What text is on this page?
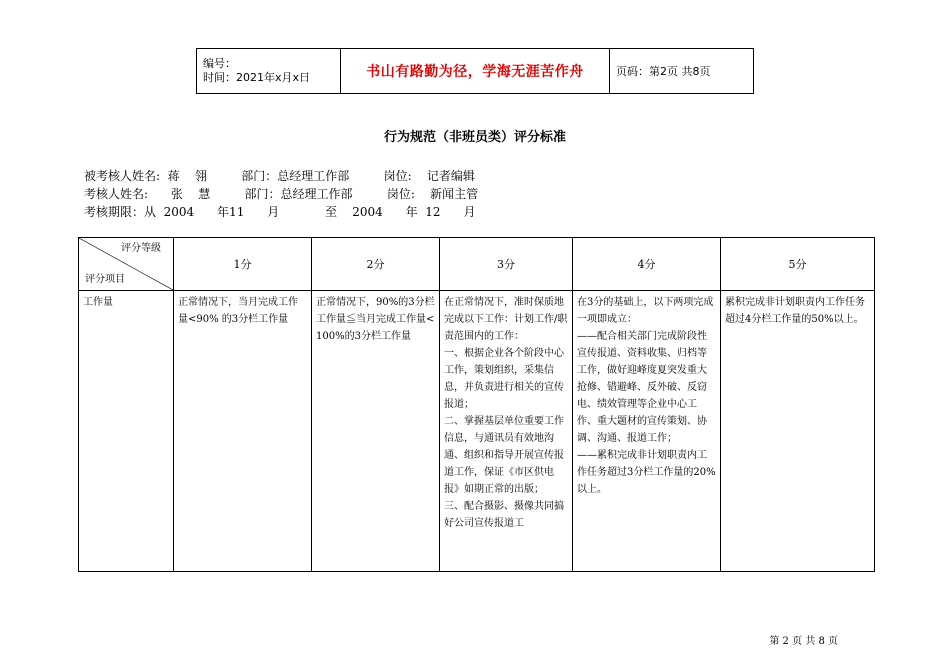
编号：
时间：2021年x月x日	书山有路勤为径，学海无涯苦作舟	页码：第2页 共8页
行为规范（非班员类）评分标准
被考核人姓名:  蒋    翎         部门：总经理工作部         岗位:    记者编辑
考核人姓名:      张    慧         部门：总经理工作部         岗位:    新闻主管
考核期限：从  2004      年11      月            至    2004      年  12      月
评分等级
评分项目	1分	2分	3分	4分	5分
工作量	正常情况下，当月完成工作量<90% 的3分栏工作量	正常情况下，90%的3分栏工作量≦当月完成工作量<100%的3分栏工作量	在正常情况下，准时保质地完成以下工作：计划工作/职责范围内的工作：
一、根据企业各个阶段中心工作，策划组织，采集信息，并负责进行相关的宣传报道；
二、掌握基层单位重要工作信息，与通讯员有效地沟通、组织和指导开展宣传报道工作，保证《市区供电报》如期正常的出版；
三、配合摄影、摄像共同搞好公司宣传报道工	在3分的基础上，以下两项完成一项即成立：
——配合相关部门完成阶段性宣传报道、资料收集、归档等工作，做好迎峰度夏突发重大抢修、错避峰、反外破、反窃电、绩效管理等企业中心工作、重大题材的宣传策划、协调、沟通、报道工作；
——累积完成非计划职责内工作任务超过3分栏工作量的20%以上。	累积完成非计划职责内工作任务超过4分栏工作量的50%以上。
第 2 页 共 8 页
